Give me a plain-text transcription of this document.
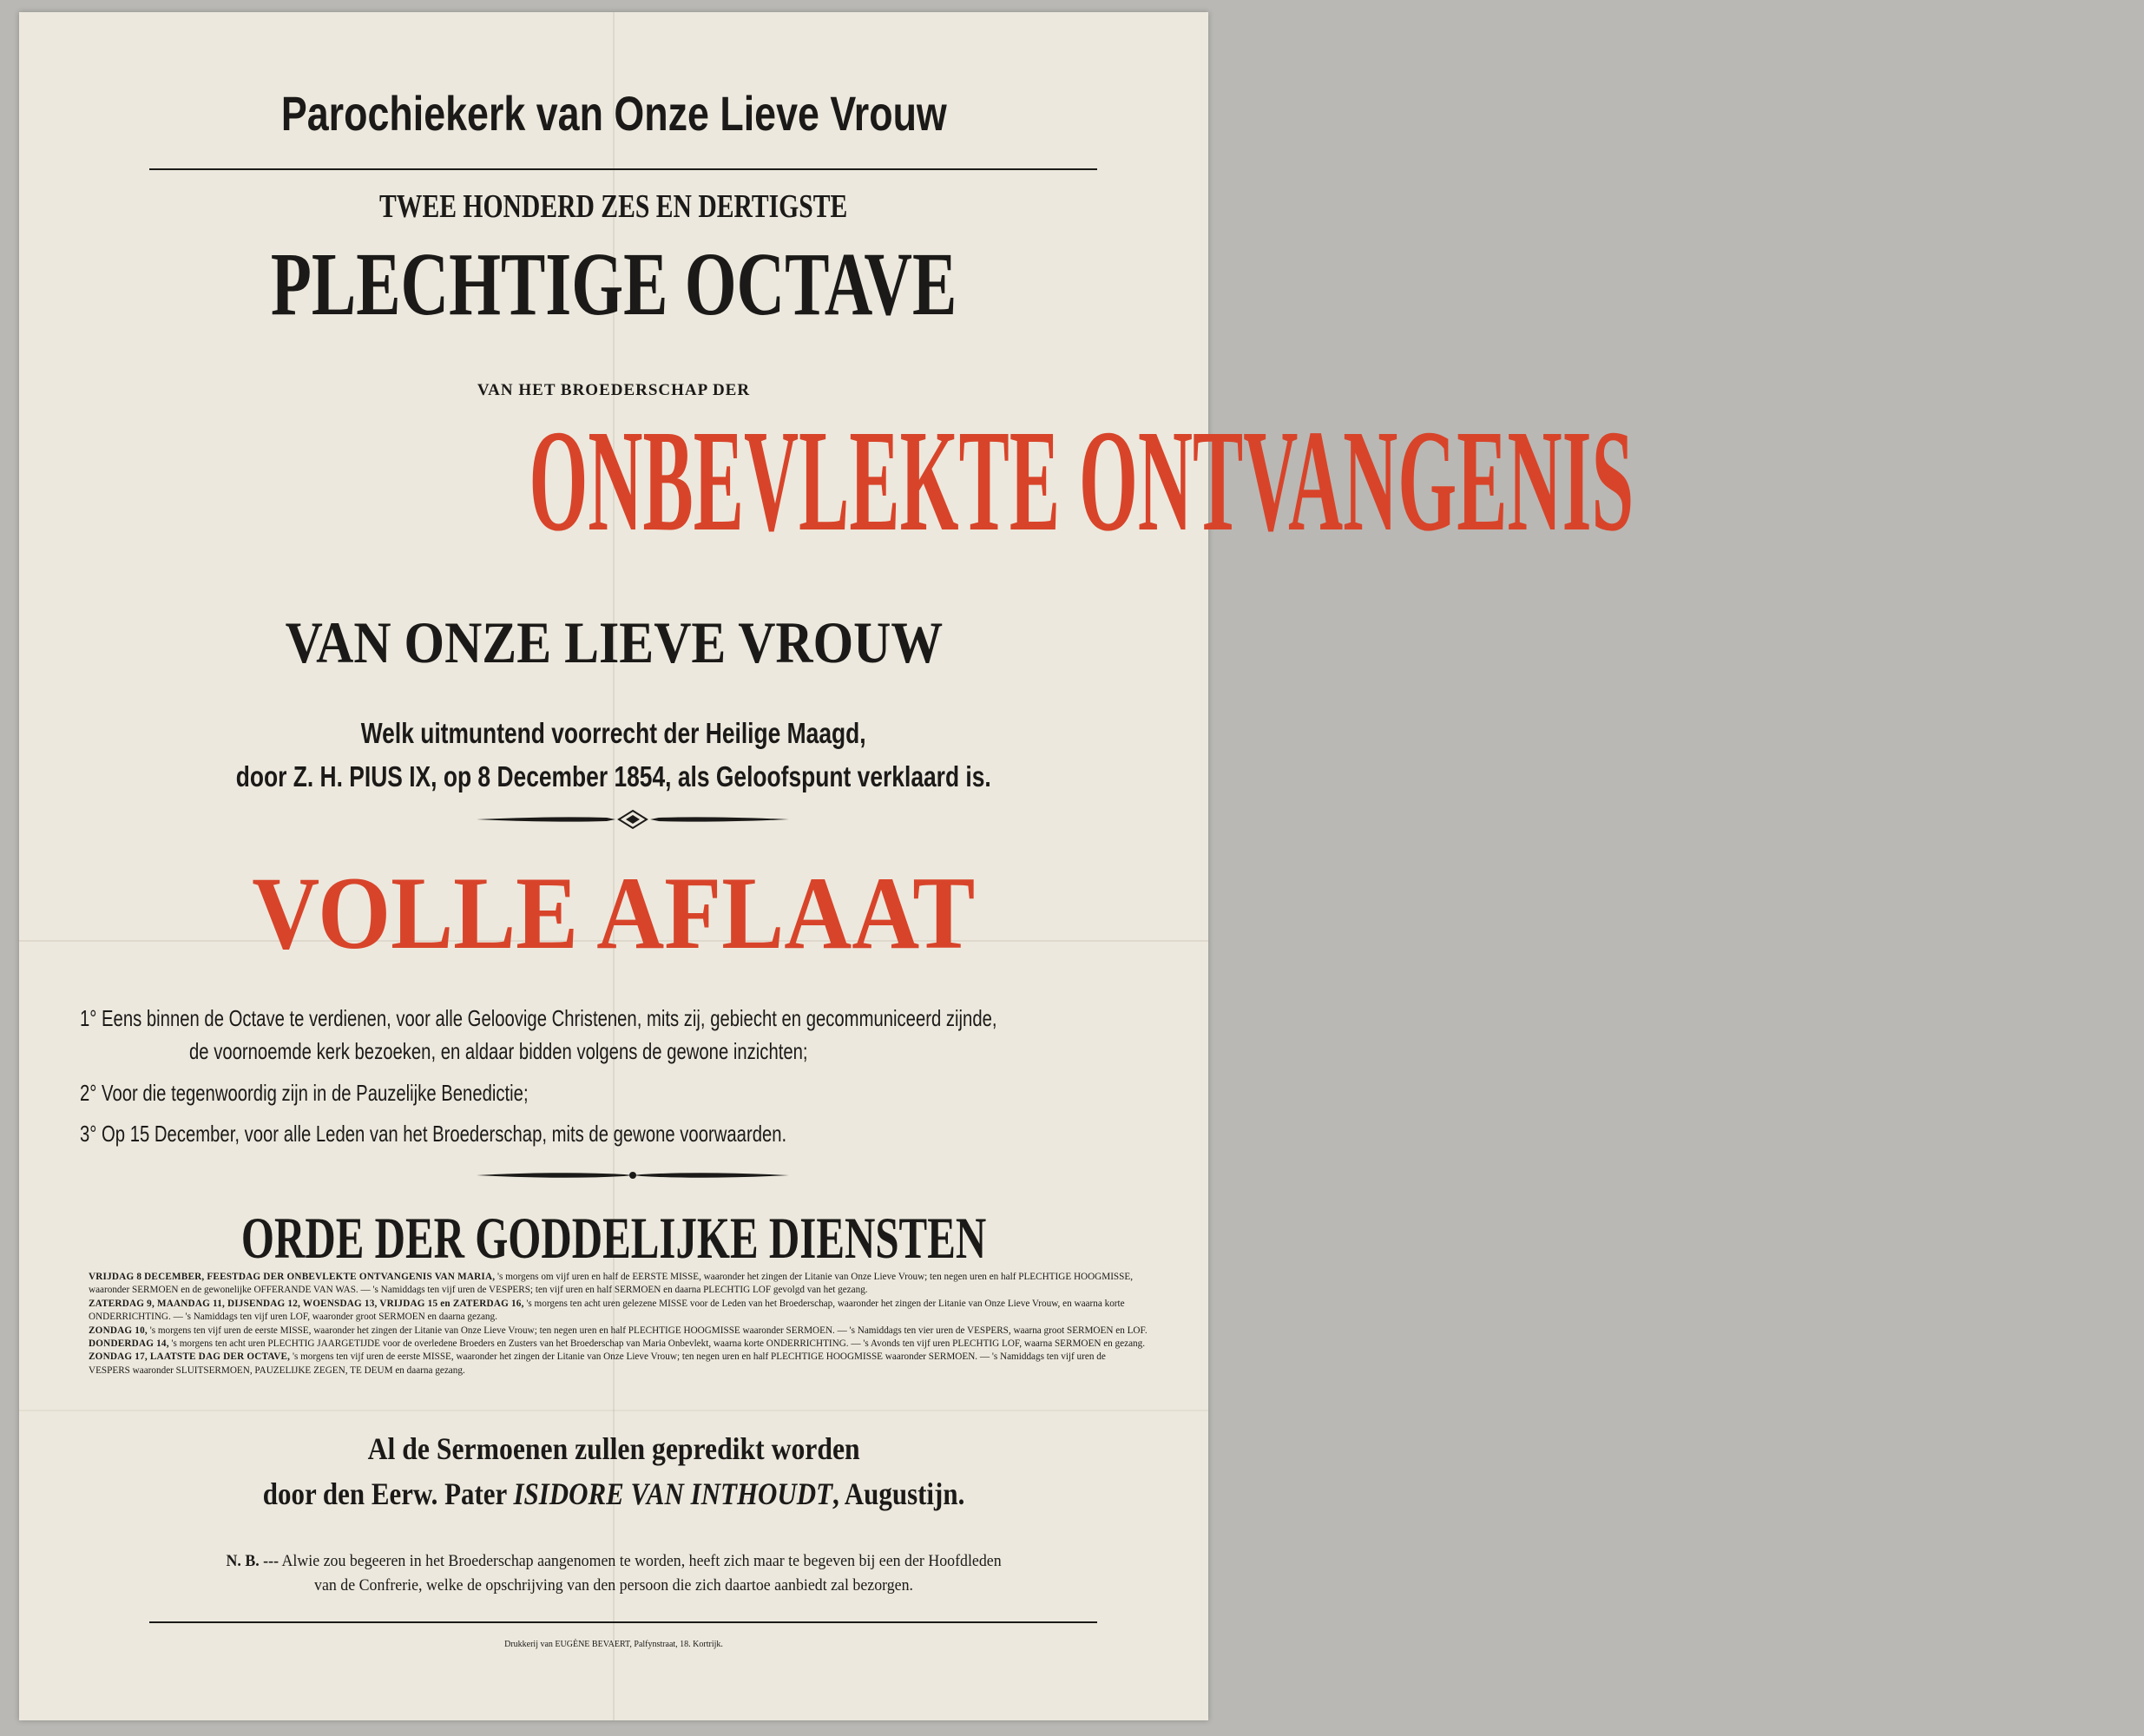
Parochiekerk van Onze Lieve Vrouw
TWEE HONDERD ZES EN DERTIGSTE
PLECHTIGE OCTAVE
VAN HET BROEDERSCHAP DER
ONBEVLEKTE ONTVANGENIS
VAN ONZE LIEVE VROUW
Welk uitmuntend voorrecht der Heilige Maagd,
door Z. H. PIUS IX, op 8 December 1854, als Geloofspunt verklaard is.
VOLLE AFLAAT
1° Eens binnen de Octave te verdienen, voor alle Geloovige Christenen, mits zij, gebiecht en gecommuniceerd zijnde,
de voornoemde kerk bezoeken, en aldaar bidden volgens de gewone inzichten;
2° Voor die tegenwoordig zijn in de Pauzelijke Benedictie;
3° Op 15 December, voor alle Leden van het Broederschap, mits de gewone voorwaarden.
ORDE DER GODDELIJKE DIENSTEN

VRIJDAG 8 DECEMBER, FEESTDAG DER ONBEVLEKTE ONTVANGENIS VAN MARIA, 's morgens om vijf uren en half de EERSTE MISSE, waaronder het zingen der Litanie van Onze Lieve Vrouw; ten negen uren en half PLECHTIGE HOOGMISSE, waaronder SERMOEN en de gewonelijke OFFERANDE VAN WAS. — 's Namiddags ten vijf uren de VESPERS; ten vijf uren en half SERMOEN en daarna PLECHTIG LOF gevolgd van het gezang.

ZATERDAG 9, MAANDAG 11, DIJSENDAG 12, WOENSDAG 13, VRIJDAG 15 en ZATERDAG 16, 's morgens ten acht uren gelezene MISSE voor de Leden van het Broederschap, waaronder het zingen der Litanie van Onze Lieve Vrouw, en waarna korte ONDERRICHTING. — 's Namiddags ten vijf uren LOF, waaronder groot SERMOEN en daarna gezang.

ZONDAG 10, 's morgens ten vijf uren de eerste MISSE, waaronder het zingen der Litanie van Onze Lieve Vrouw; ten negen uren en half PLECHTIGE HOOGMISSE waaronder SERMOEN. — 's Namiddags ten vier uren de VESPERS, waarna groot SERMOEN en LOF.

DONDERDAG 14, 's morgens ten acht uren PLECHTIG JAARGETIJDE voor de overledene Broeders en Zusters van het Broederschap van Maria Onbevlekt, waarna korte ONDERRICHTING. — 's Avonds ten vijf uren PLECHTIG LOF, waarna SERMOEN en gezang.

ZONDAG 17, LAATSTE DAG DER OCTAVE, 's morgens ten vijf uren de eerste MISSE, waaronder het zingen der Litanie van Onze Lieve Vrouw; ten negen uren en half PLECHTIGE HOOGMISSE waaronder SERMOEN. — 's Namiddags ten vijf uren de VESPERS waaronder SLUITSERMOEN, PAUZELIJKE ZEGEN, TE DEUM en daarna gezang.

Al de Sermoenen zullen gepredikt worden
door den Eerw. Pater ISIDORE VAN INTHOUDT, Augustijn.
N. B. --- Alwie zou begeeren in het Broederschap aangenomen te worden, heeft zich maar te begeven bij een der Hoofdleden
van de Confrerie, welke de opschrijving van den persoon die zich daartoe aanbiedt zal bezorgen.
Drukkerij van EUGÈNE BEVAERT, Palfynstraat, 18. Kortrijk.
